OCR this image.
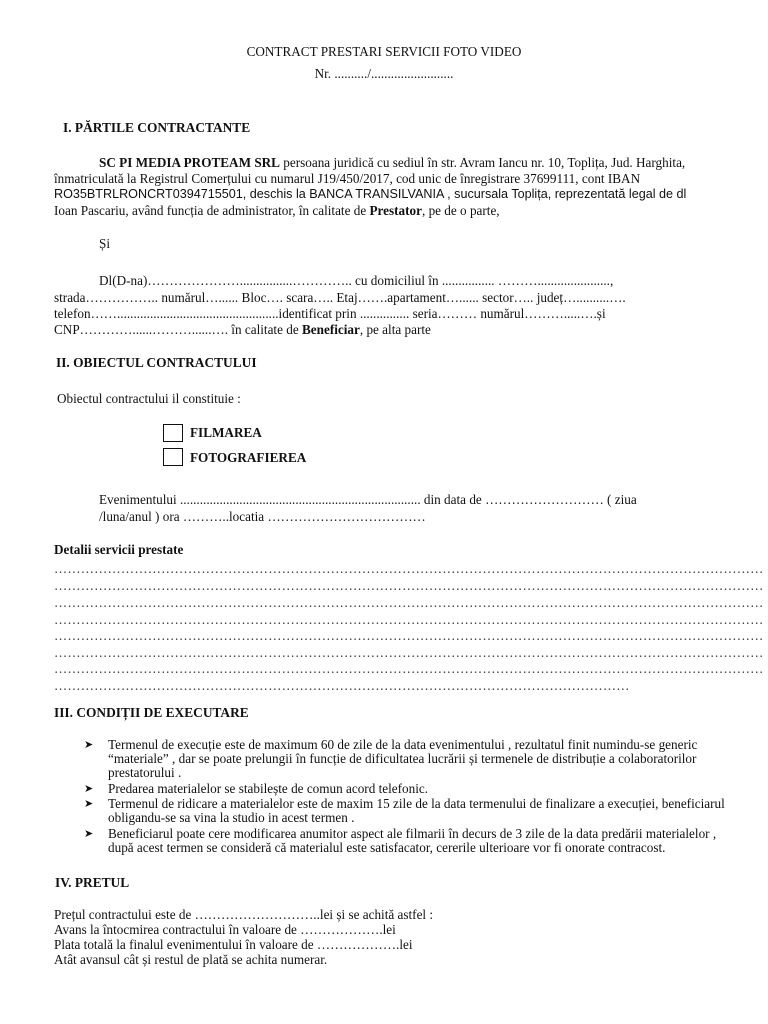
CONTRACT PRESTARI SERVICII FOTO VIDEO
Nr. ........../.........................
I. PĂRTILE CONTRACTANTE
SC PI MEDIA PROTEAM SRL persoana juridică cu sediul în str. Avram Iancu nr. 10, Toplița, Jud. Harghita,
înmatriculată la Registrul Comerțului cu numarul J19/450/2017, cod unic de înregistrare 37699111, cont IBAN
RO35BTRLRONCRT0394715501, deschis la BANCA TRANSILVANIA , sucursala Toplița, reprezentată legal de dl
Ioan Pascariu, având funcția de administrator, în calitate de Prestator, pe de o parte,
Și
Dl(D-na)…………………................………….. cu domiciliul în ................ ………......................,
strada…………….. numărul…...... Bloc…. scara….. Etaj…….apartament…...... sector….. județ…..........….
telefon…….................................................identificat prin ............... seria……… numărul……….....….și
CNP…………......………......…. în calitate de Beneficiar, pe alta parte
II. OBIECTUL CONTRACTULUI
Obiectul contractului il constituie :
FILMAREA
FOTOGRAFIEREA
Evenimentului ......................................................................... din data de ……………………… ( ziua
/luna/anul ) ora ………..locatia ………………………………
Detalii servicii prestate
……………………………………………………………………………………………………………………………………………
……………………………………………………………………………………………………………………………………………
……………………………………………………………………………………………………………………………………………
……………………………………………………………………………………………………………………………………………
……………………………………………………………………………………………………………………………………………
……………………………………………………………………………………………………………………………………………
……………………………………………………………………………………………………………………………………………
…………………………………………………………………………………………………………………
III. CONDIȚII DE EXECUTARE
➤ Termenul de execuție este de maximum 60 de zile de la data evenimentului , rezultatul finit numindu-se generic “materiale” , dar se poate prelungii în funcție de dificultatea lucrării și termenele de distribuție a colaboratorilor prestatorului .
➤ Predarea materialelor se stabilește de comun acord telefonic.
➤ Termenul de ridicare a materialelor este de maxim 15 zile de la data termenului de finalizare a execuției, beneficiarul obligandu-se sa vina la studio in acest termen .
➤ Beneficiarul poate cere modificarea anumitor aspect ale filmarii în decurs de 3 zile de la data predării materialelor , după acest termen se consideră că materialul este satisfacator, cererile ulterioare vor fi onorate contracost.
IV. PRETUL
Prețul contractului este de ………………………..lei și se achită astfel :
Avans la întocmirea contractului în valoare de ……………….lei
Plata totală la finalul evenimentului în valoare de ……………….lei
Atât avansul cât și restul de plată se achita numerar.
